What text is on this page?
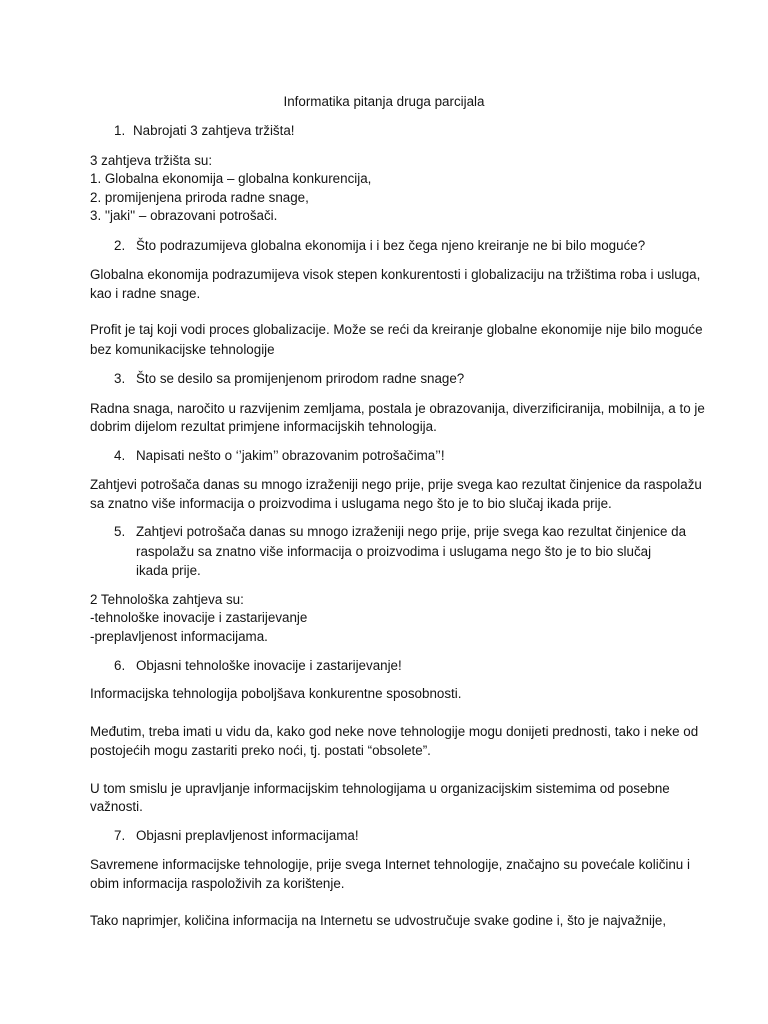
Informatika pitanja druga parcijala
1. Nabrojati 3 zahtjeva tržišta!
3 zahtjeva tržišta su:
1. Globalna ekonomija – globalna konkurencija,
2. promijenjena priroda radne snage,
3. ''jaki'' – obrazovani potrošači.
2. Što podrazumijeva globalna ekonomija i i bez čega njeno kreiranje ne bi bilo moguće?
Globalna ekonomija podrazumijeva visok stepen konkurentosti i globalizaciju na tržištima roba i usluga,
kao i radne snage.
Profit je taj koji vodi proces globalizacije. Može se reći da kreiranje globalne ekonomije nije bilo moguće
bez komunikacijske tehnologije
3. Što se desilo sa promijenjenom prirodom radne snage?
Radna snaga, naročito u razvijenim zemljama, postala je obrazovanija, diverzificiranija, mobilnija, a to je
dobrim dijelom rezultat primjene informacijskih tehnologija.
4. Napisati nešto o ‘’jakim’’ obrazovanim potrošačima’’!
Zahtjevi potrošača danas su mnogo izraženiji nego prije, prije svega kao rezultat činjenice da raspolažu
sa znatno više informacija o proizvodima i uslugama nego što je to bio slučaj ikada prije.
5. Zahtjevi potrošača danas su mnogo izraženiji nego prije, prije svega kao rezultat činjenice da
raspolažu sa znatno više informacija o proizvodima i uslugama nego što je to bio slučaj
ikada prije.
2 Tehnološka zahtjeva su:
-tehnološke inovacije i zastarijevanje
-preplavljenost informacijama.
6. Objasni tehnološke inovacije i zastarijevanje!
Informacijska tehnologija poboljšava konkurentne sposobnosti.
Međutim, treba imati u vidu da, kako god neke nove tehnologije mogu donijeti prednosti, tako i neke od
postojećih mogu zastariti preko noći, tj. postati “obsolete”.
U tom smislu je upravljanje informacijskim tehnologijama u organizacijskim sistemima od posebne
važnosti.
7. Objasni preplavljenost informacijama!
Savremene informacijske tehnologije, prije svega Internet tehnologije, značajno su povećale količinu i
obim informacija raspoloživih za korištenje.
Tako naprimjer, količina informacija na Internetu se udvostručuje svake godine i, što je najvažnije,
